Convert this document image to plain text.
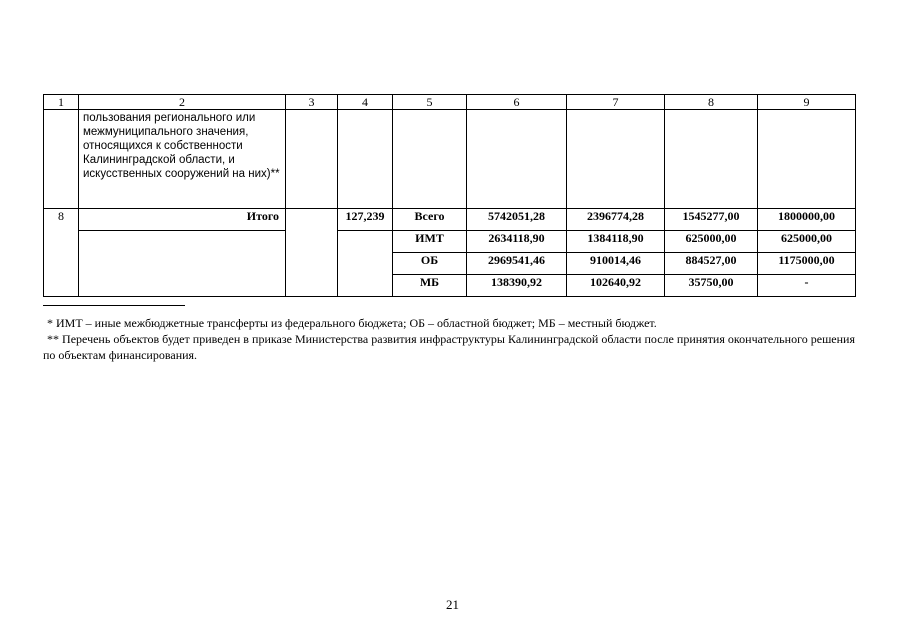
1	2	3	4	5	6	7	8	9
	пользования регионального или межмуниципального значения, относящихся к собственности Калининградской области, и искусственных сооружений на них)**							
8	Итого		127,239	Всего	5742051,28	2396774,28	1545277,00	1800000,00
				ИМТ	2634118,90	1384118,90	625000,00	625000,00
				ОБ	2969541,46	910014,46	884527,00	1175000,00
				МБ	138390,92	102640,92	35750,00	-

* ИМТ – иные межбюджетные трансферты из федерального бюджета; ОБ – областной бюджет; МБ – местный бюджет.

** Перечень объектов будет приведен в приказе Министерства развития инфраструктуры Калининградской области после принятия окончательного решения по объектам финансирования.

21
